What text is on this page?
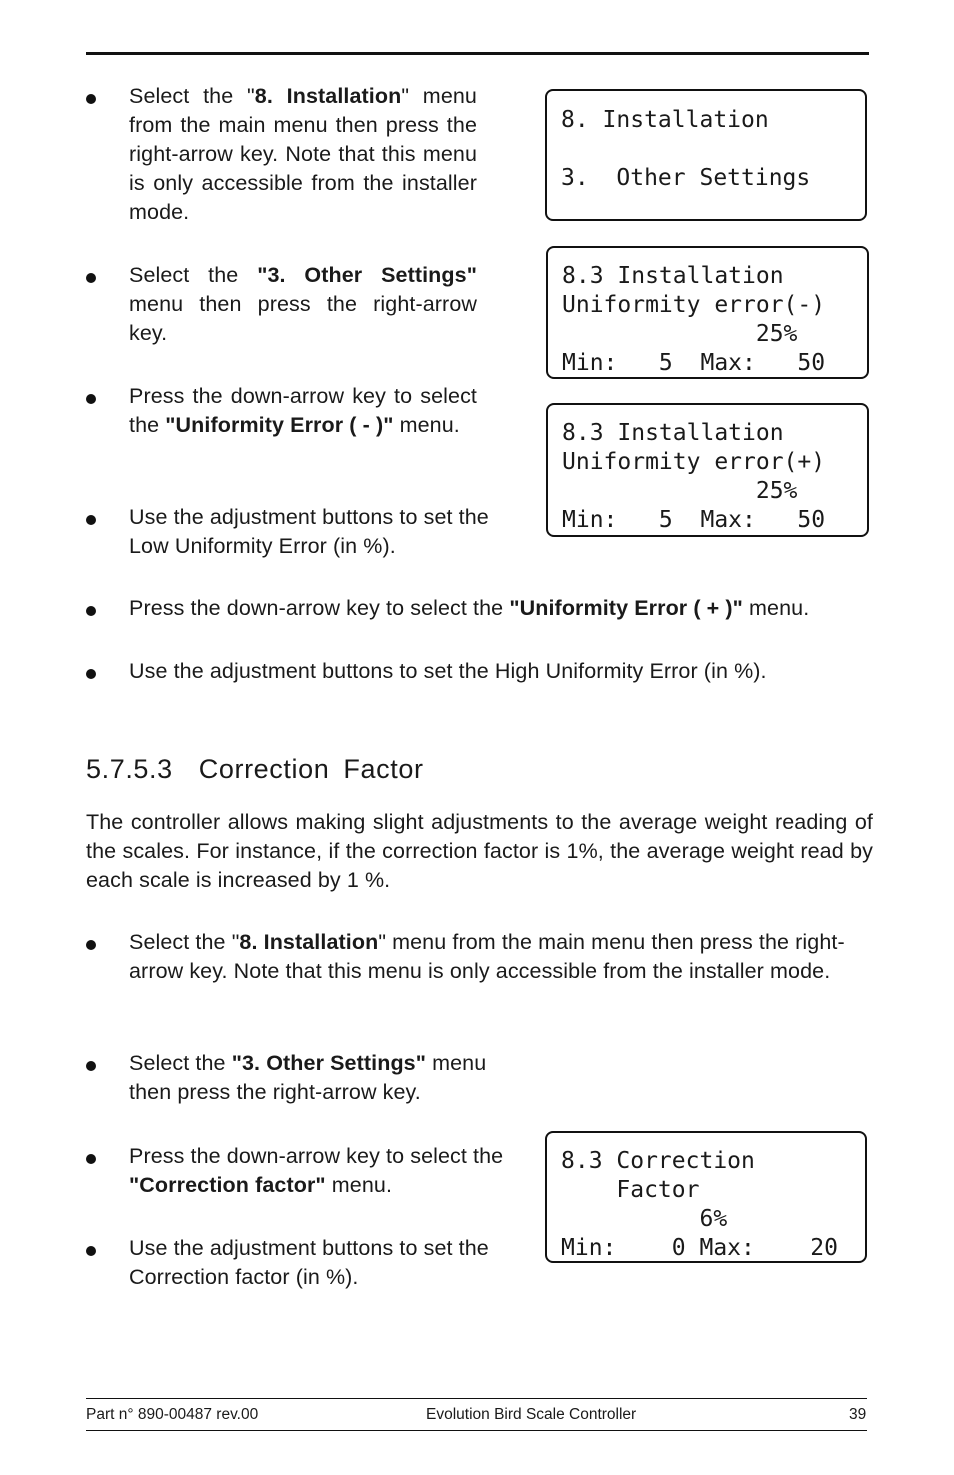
Select the "8. Installation" menu from the main menu then press the right-arrow key. Note that this menu is only accessible from the installer mode.
Select the "3. Other Settings" menu then press the right-arrow key.
Press the down-arrow key to select the "Uniformity Error ( - )" menu.
Use the adjustment buttons to set the Low Uniformity Error (in %).
Press the down-arrow key to select the "Uniformity Error ( + )" menu.
Use the adjustment buttons to set the High Uniformity Error (in %).
8. Installation
3.  Other Settings
8.3 Installation
Uniformity error(-)
25%
Min:   5  Max:   50
8.3 Installation
Uniformity error(+)
25%
Min:   5  Max:   50
5.7.5.3 Correction Factor
The controller allows making slight adjustments to the average weight reading of the scales. For instance, if the correction factor is 1%, the average weight read by each scale is increased by 1 %.
Select the "8. Installation" menu from the main menu then press the right-arrow key. Note that this menu is only accessible from the installer mode.
Select the "3. Other Settings" menu then press the right-arrow key.
Press the down-arrow key to select the "Correction factor" menu.
Use the adjustment buttons to set the Correction factor (in %).
8.3 Correction
Factor
6%
Min:    0 Max:    20
Part n° 890-00487 rev.00	Evolution Bird Scale Controller	39
